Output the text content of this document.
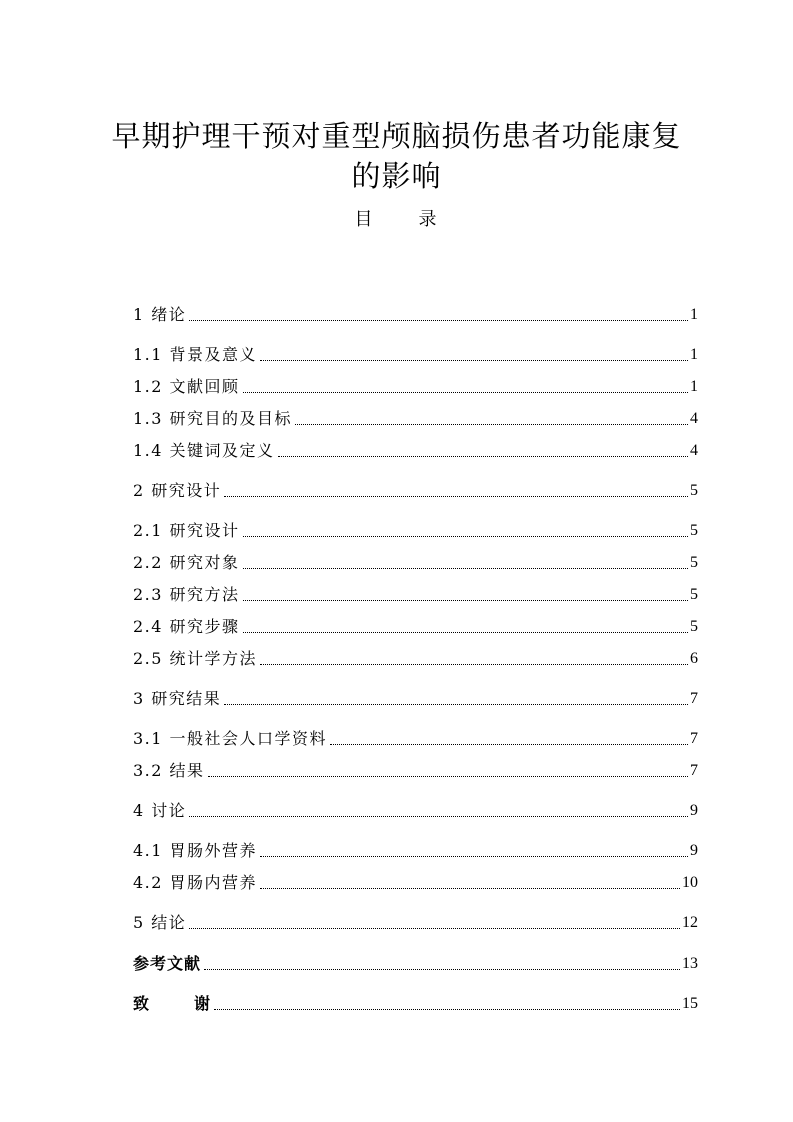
早期护理干预对重型颅脑损伤患者功能康复
的影响
目 录
1 绪论	1
1.1 背景及意义	1
1.2 文献回顾	1
1.3 研究目的及目标	4
1.4 关键词及定义	4
2 研究设计	5
2.1 研究设计	5
2.2 研究对象	5
2.3 研究方法	5
2.4 研究步骤	5
2.5 统计学方法	6
3 研究结果	7
3.1 一般社会人口学资料	7
3.2 结果	7
4 讨论	9
4.1 胃肠外营养	9
4.2 胃肠内营养	10
5 结论	12
参考文献	13
致	谢	15
